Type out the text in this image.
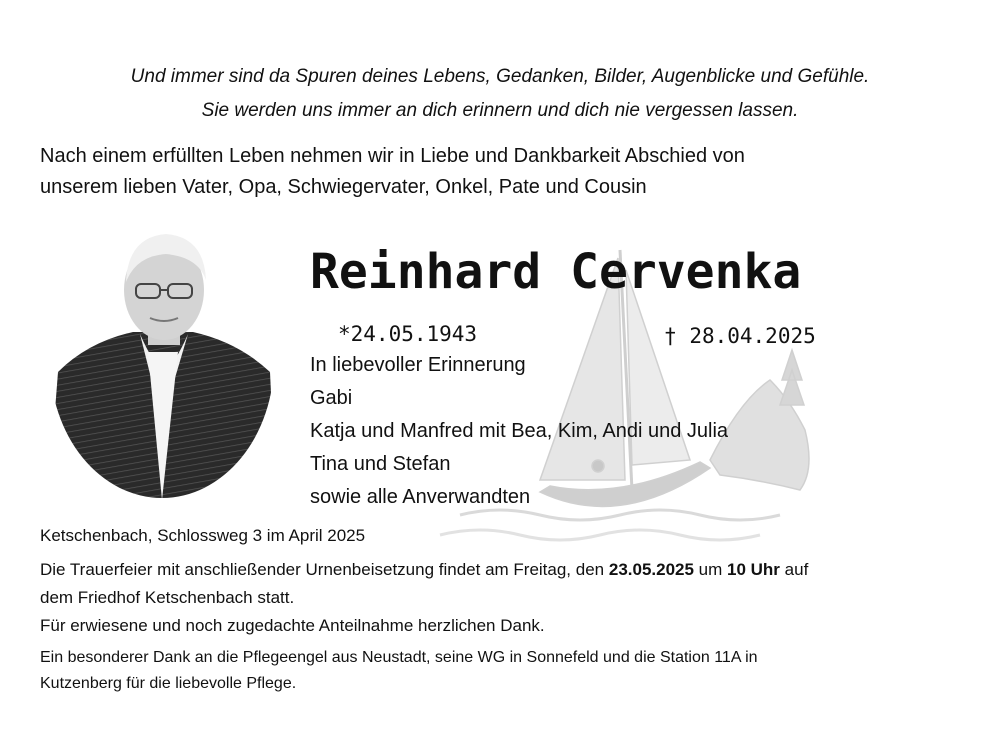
Und immer sind da Spuren deines Lebens, Gedanken, Bilder, Augenblicke und Gefühle.
Sie werden uns immer an dich erinnern und dich nie vergessen lassen.
Nach einem erfüllten Leben nehmen wir in Liebe und Dankbarkeit Abschied von
unserem lieben Vater, Opa, Schwiegervater, Onkel, Pate und Cousin
Reinhard Cervenka
*24.05.1943	† 28.04.2025
In liebevoller Erinnerung
Gabi
Katja und Manfred mit Bea, Kim, Andi und Julia
Tina und Stefan
sowie alle Anverwandten
Ketschenbach, Schlossweg 3 im April 2025
Die Trauerfeier mit anschließender Urnenbeisetzung findet am Freitag, den 23.05.2025 um 10 Uhr auf
dem Friedhof Ketschenbach statt.
Für erwiesene und noch zugedachte Anteilnahme herzlichen Dank.
Ein besonderer Dank an die Pflegeengel aus Neustadt, seine WG in Sonnefeld und die Station 11A in
Kutzenberg für die liebevolle Pflege.
